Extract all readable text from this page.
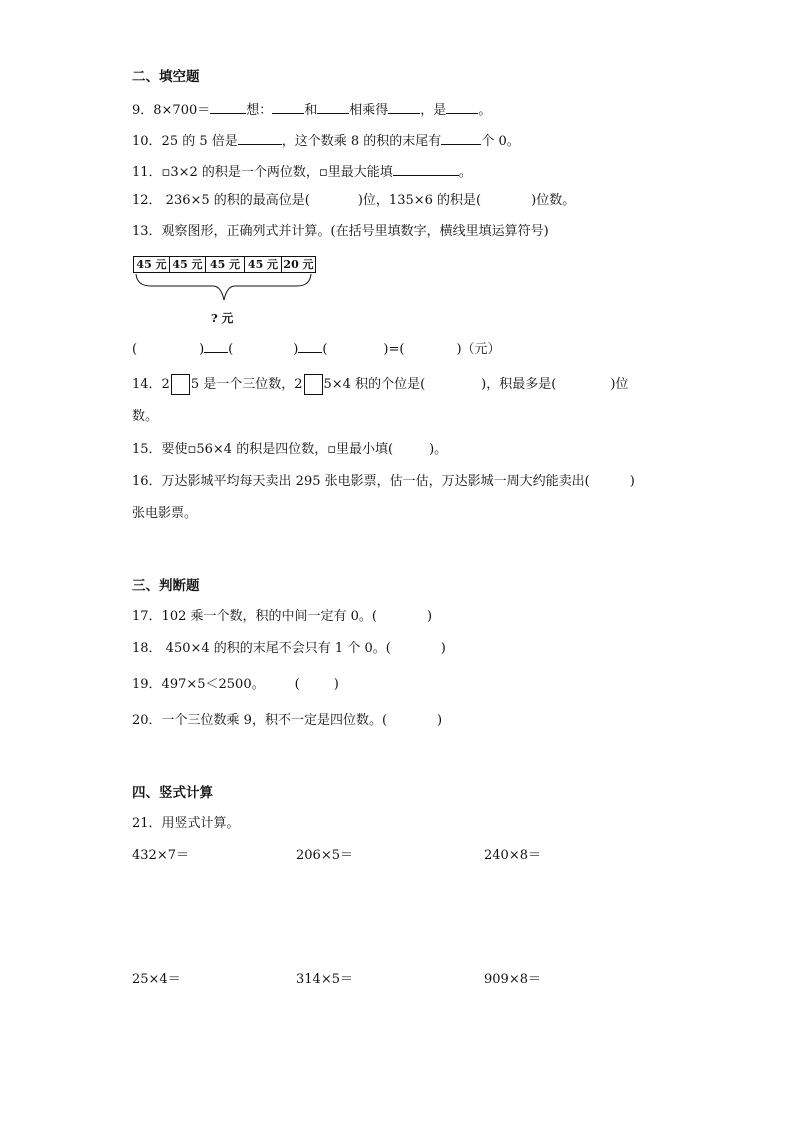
二、填空题
9．8×700＝	想： 和 相乘得 ，是 。
10．25 的 5 倍是	，这个数乘 8 的积的末尾有	个 0。
11．▫3×2 的积是一个两位数，▫里最大能填	。
12． 236×5 的积的最高位是(	)位，135×6 的积是(	)位数。
13．观察图形，正确列式并计算。(在括号里填数字，横线里填运算符号)
45 元 45 元 45 元 45 元 20 元
? 元
(	) (	) (	)=(	)（元）
14．2 5 是一个三位数，2 5×4 积的个位是(	)，积最多是(	)位
数。
15．要使▫56×4 的积是四位数，▫里最小填(	)。
16．万达影城平均每天卖出 295 张电影票，估一估，万达影城一周大约能卖出(	)
张电影票。
三、判断题
17．102 乘一个数，积的中间一定有 0。(	)
18． 450×4 的积的末尾不会只有 1 个 0。(	)
19．497×5＜2500。 (	)
20．一个三位数乘 9，积不一定是四位数。(	)
四、竖式计算
21．用竖式计算。
432×7＝	206×5＝	240×8＝
25×4＝	314×5＝	909×8＝
